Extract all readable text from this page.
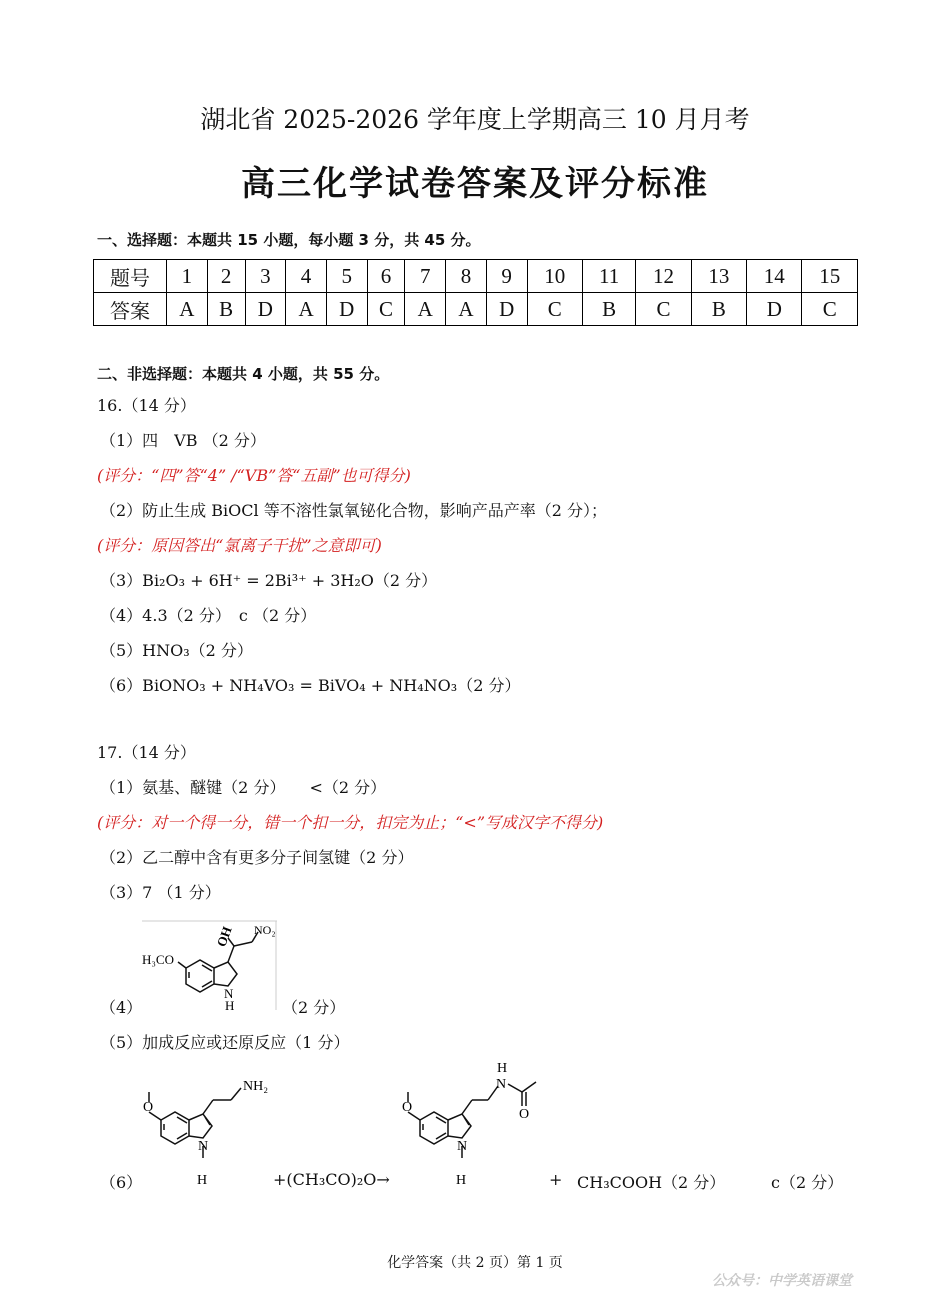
湖北省 2025-2026 学年度上学期高三 10 月月考
高三化学试卷答案及评分标准
一、选择题：本题共 15 小题，每小题 3 分，共 45 分。
题号	1	2	3	4	5	6	7	8	9	10	11	12	13	14	15
答案	A	B	D	A	D	C	A	A	D	C	B	C	B	D	C
二、非选择题：本题共 4 小题，共 55 分。
16.（14 分）
（1）四　VB （2 分）
(评分：“四”答“4” /“VB”答“五副”也可得分)
（2）防止生成 BiOCl 等不溶性氯氧铋化合物，影响产品产率（2 分）；
(评分：原因答出“氯离子干扰”之意即可)
（3）Bi₂O₃ + 6H⁺ = 2Bi³⁺ + 3H₂O（2 分）
（4）4.3（2 分）　c （2 分）
（5）HNO₃（2 分）
（6）BiONO₃ + NH₄VO₃ = BiVO₄ + NH₄NO₃（2 分）
17.（14 分）
（1）氨基、醚键（2 分）　　<（2 分）
(评分：对一个得一分，错一个扣一分，扣完为止；“<”写成汉字不得分)
（2）乙二醇中含有更多分子间氢键（2 分）
（3）7 （1 分）
（4）
H₃CO
OH NO₂
N
H	（2 分）
（5）加成反应或还原反应（1 分）
（6）
NH₂
O
N
H	+(CH₃CO)₂O→
H
N
O
O
N
H	+ CH₃COOH（2 分）	c（2 分）
化学答案（共 2 页）第 1 页
公众号：中学英语课堂
